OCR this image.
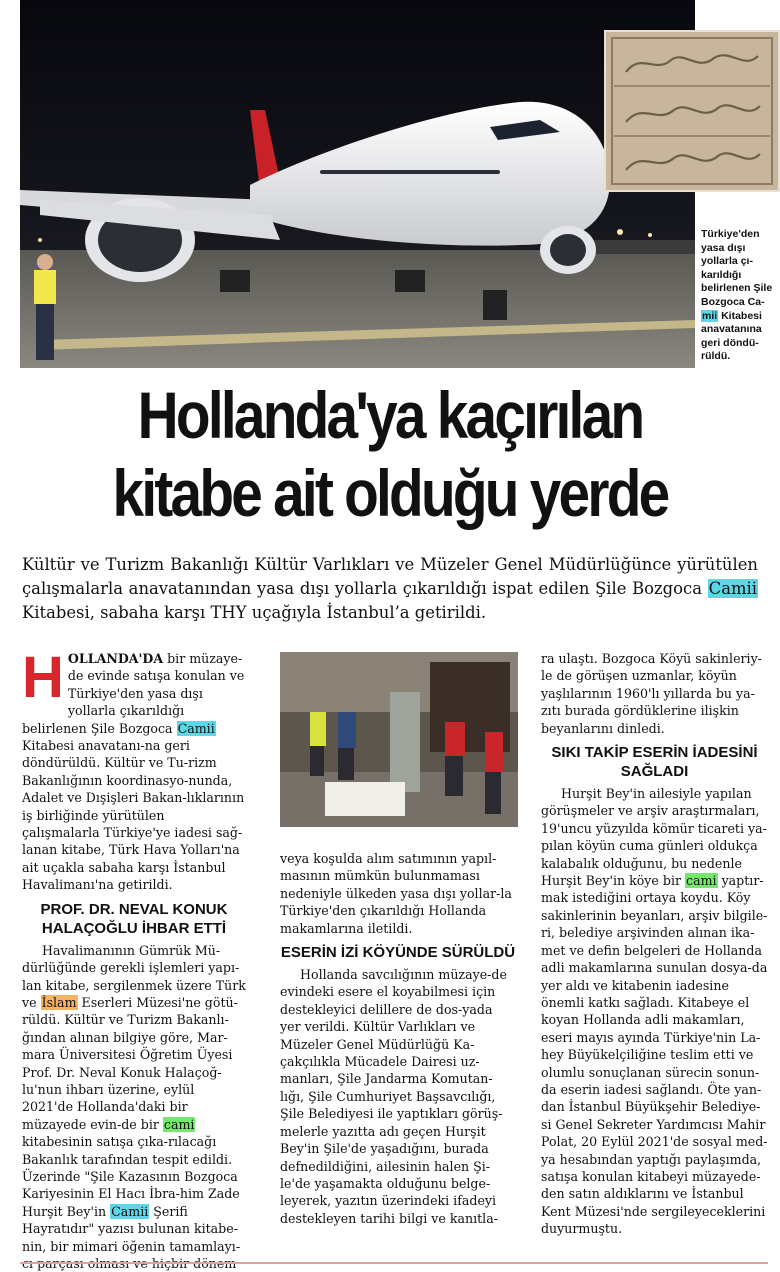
Türkiye'den yasa dışı yollarla çı-karıldığı belirlenen Şile Bozgoca Ca-mii Kitabesi anavatanına geri döndü-rüldü.
Hollanda'ya kaçırılan
kitabe ait olduğu yerde
Kültür ve Turizm Bakanlığı Kültür Varlıkları ve Müzeler Genel Müdürlüğünce yürütülen çalışmalarla anavatanından yasa dışı yollarla çıkarıldığı ispat edilen Şile Bozgoca Camii Kitabesi, sabaha karşı THY uçağıyla İstanbul’a getirildi.

HOLLANDA'DA bir müzaye-de evinde satışa konulan ve Türkiye'den yasa dışı yollarla çıkarıldığı belirlenen Şile Bozgoca Camii Kitabesi anavatanı-na geri döndürüldü. Kültür ve Tu-rizm Bakanlığının koordinasyo-nunda, Adalet ve Dışişleri Bakan-lıklarının iş birliğinde yürütülen çalışmalarla Türkiye'ye iadesi sağ-lanan kitabe, Türk Hava Yolları'na ait uçakla sabaha karşı İstanbul Havalimanı'na getirildi.

PROF. DR. NEVAL KONUK HALAÇOĞLU İHBAR ETTİ

Havalimanının Gümrük Mü-dürlüğünde gerekli işlemleri yapı-lan kitabe, sergilenmek üzere Türk ve İslam Eserleri Müzesi'ne götü-rüldü. Kültür ve Turizm Bakanlı-ğından alınan bilgiye göre, Mar-mara Üniversitesi Öğretim Üyesi Prof. Dr. Neval Konuk Halaçoğ-lu'nun ihbarı üzerine, eylül 2021'de Hollanda'daki bir müzayede evin-de bir cami kitabesinin satışa çıka-rılacağı Bakanlık tarafından tespit edildi. Üzerinde "Şile Kazasının Bozgoca Kariyesinin El Hacı İbra-him Zade Hurşit Bey'in Camii Şerifi Hayratıdır" yazısı bulunan kitabe-nin, bir mimari öğenin tamamlayı-

veya koşulda alım satımının yapıl-masının mümkün bulunmaması nedeniyle ülkeden yasa dışı yollar-la Türkiye'den çıkarıldığı Hollanda makamlarına iletildi.

ESERİN İZİ KÖYÜNDE SÜRÜLDÜ

Hollanda savcılığının müzaye-de evindeki esere el koyabilmesi için destekleyici delillere de dos-yada yer verildi. Kültür Varlıkları ve Müzeler Genel Müdürlüğü Ka-çakçılıkla Mücadele Dairesi uz-manları, Şile Jandarma Komutan-lığı, Şile Cumhuriyet Başsavcılığı, Şile Belediyesi ile yaptıkları görüş-melerle yazıtta adı geçen Hurşit Bey'in Şile'de yaşadığını, burada defnedildiğini, ailesinin halen Şi-le'de yaşamakta olduğunu belge-leyerek, yazıtın üzerindeki ifadeyi destekleyen tarihi bilgi ve kanıtla-

ra ulaştı. Bozgoca Köyü sakinleriy-le de görüşen uzmanlar, köyün yaşlılarının 1960'lı yıllarda bu ya-zıtı burada gördüklerine ilişkin beyanlarını dinledi.

SIKI TAKİP ESERİN İADESİNİ SAĞLADI

Hurşit Bey'in ailesiyle yapılan görüşmeler ve arşiv araştırmaları, 19'uncu yüzyılda kömür ticareti ya-pılan köyün cuma günleri oldukça kalabalık olduğunu, bu nedenle Hurşit Bey'in köye bir cami yaptır-mak istediğini ortaya koydu. Köy sakinlerinin beyanları, arşiv bilgile-ri, belediye arşivinden alınan ika-met ve defin belgeleri de Hollanda adli makamlarına sunulan dosya-da yer aldı ve kitabenin iadesine önemli katkı sağladı. Kitabeye el koyan Hollanda adli makamları, eseri mayıs ayında Türkiye'nin La-hey Büyükelçiliğine teslim etti ve olumlu sonuçlanan sürecin sonun-da eserin iadesi sağlandı. Öte yan-dan İstanbul Büyükşehir Belediye-si Genel Sekreter Yardımcısı Mahir Polat, 20 Eylül 2021'de sosyal med-ya hesabından yaptığı paylaşımda, satışa konulan kitabeyi müzayede-den satın aldıklarını ve İstanbul Kent Müzesi'nde sergileyeceklerini duyurmuştu.
